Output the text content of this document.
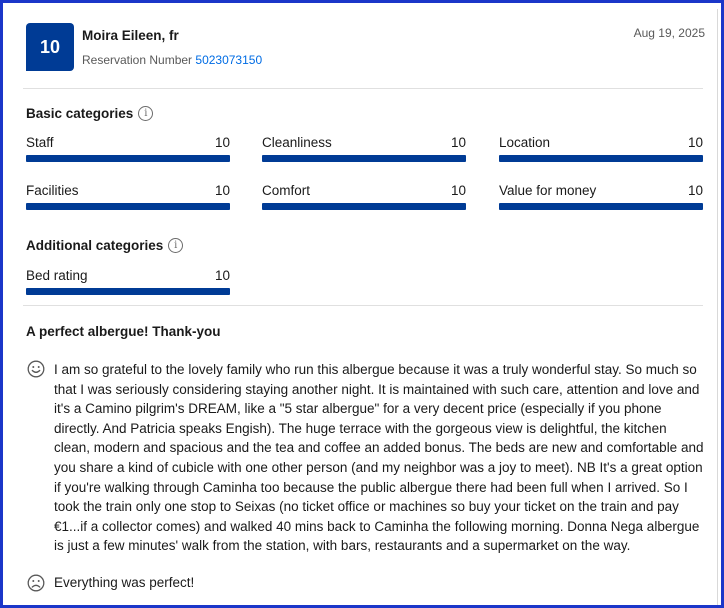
10
Moira Eileen, fr
Reservation Number 5023073150
Aug 19, 2025
Basic categories	i
Staff	10 Cleanliness	10 Location	10
Facilities	10 Comfort	10 Value for money	10
Additional categories	i
Bed rating	10
A perfect albergue! Thank-you
I am so grateful to the lovely family who run this albergue because it was a truly wonderful stay. So much so that I was seriously considering staying another night. It is maintained with such care, attention and love and it's a Camino pilgrim's DREAM, like a "5 star albergue" for a very decent price (especially if you phone directly. And Patricia speaks Engish). The huge terrace with the gorgeous view is delightful, the kitchen clean, modern and spacious and the tea and coffee an added bonus. The beds are new and comfortable and you share a kind of cubicle with one other person (and my neighbor was a joy to meet). NB It's a great option if you're walking through Caminha too because the public albergue there had been full when I arrived. So I took the train only one stop to Seixas (no ticket office or machines so buy your ticket on the train and pay €1...if a collector comes) and walked 40 mins back to Caminha the following morning. Donna Nega albergue is just a few minutes' walk from the station, with bars, restaurants and a supermarket on the way.
Everything was perfect!
